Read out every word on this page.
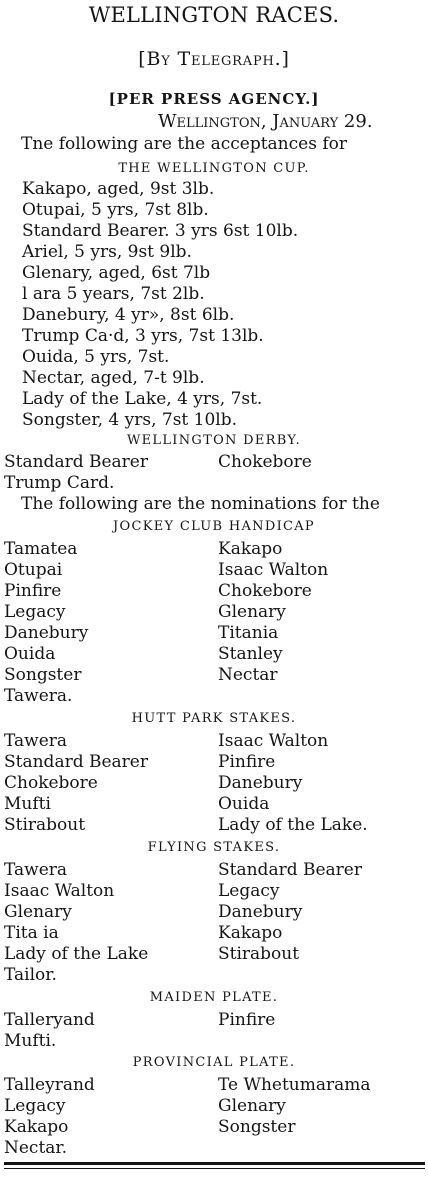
WELLINGTON RACES.
[By Telegraph.]
[PER PRESS AGENCY.]
Wellington, January 29.
Tne following are the acceptances for
THE WELLINGTON CUP.
Kakapo, aged, 9st 3lb.
Otupai, 5 yrs, 7st 8lb.
Standard Bearer. 3 yrs 6st 10lb.
Ariel, 5 yrs, 9st 9lb.
Glenary, aged, 6st 7lb
l ara 5 years, 7st 2lb.
Danebury, 4 yr», 8st 6lb.
Trump Ca·d, 3 yrs, 7st 13lb.
Ouida, 5 yrs, 7st.
Nectar, aged, 7-t 9lb.
Lady of the Lake, 4 yrs, 7st.
Songster, 4 yrs, 7st 10lb.
WELLINGTON DERBY.
Standard Bearer
Trump Card.
Chokebore
The following are the nominations for the
JOCKEY CLUB HANDICAP
Tamatea
Otupai
Pinfire
Legacy
Danebury
Ouida
Songster
Tawera.
Kakapo
Isaac Walton
Chokebore
Glenary
Titania
Stanley
Nectar
HUTT PARK STAKES.
Tawera
Standard Bearer
Chokebore
Mufti
Stirabout
Isaac Walton
Pinfire
Danebury
Ouida
Lady of the Lake.
FLYING STAKES.
Tawera
Isaac Walton
Glenary
Tita ia
Lady of the Lake
Tailor.
Standard Bearer
Legacy
Danebury
Kakapo
Stirabout
MAIDEN PLATE.
Talleryand
Mufti.
Pinfire
PROVINCIAL PLATE.
Talleyrand
Legacy
Kakapo
Nectar.
Te Whetumarama
Glenary
Songster
